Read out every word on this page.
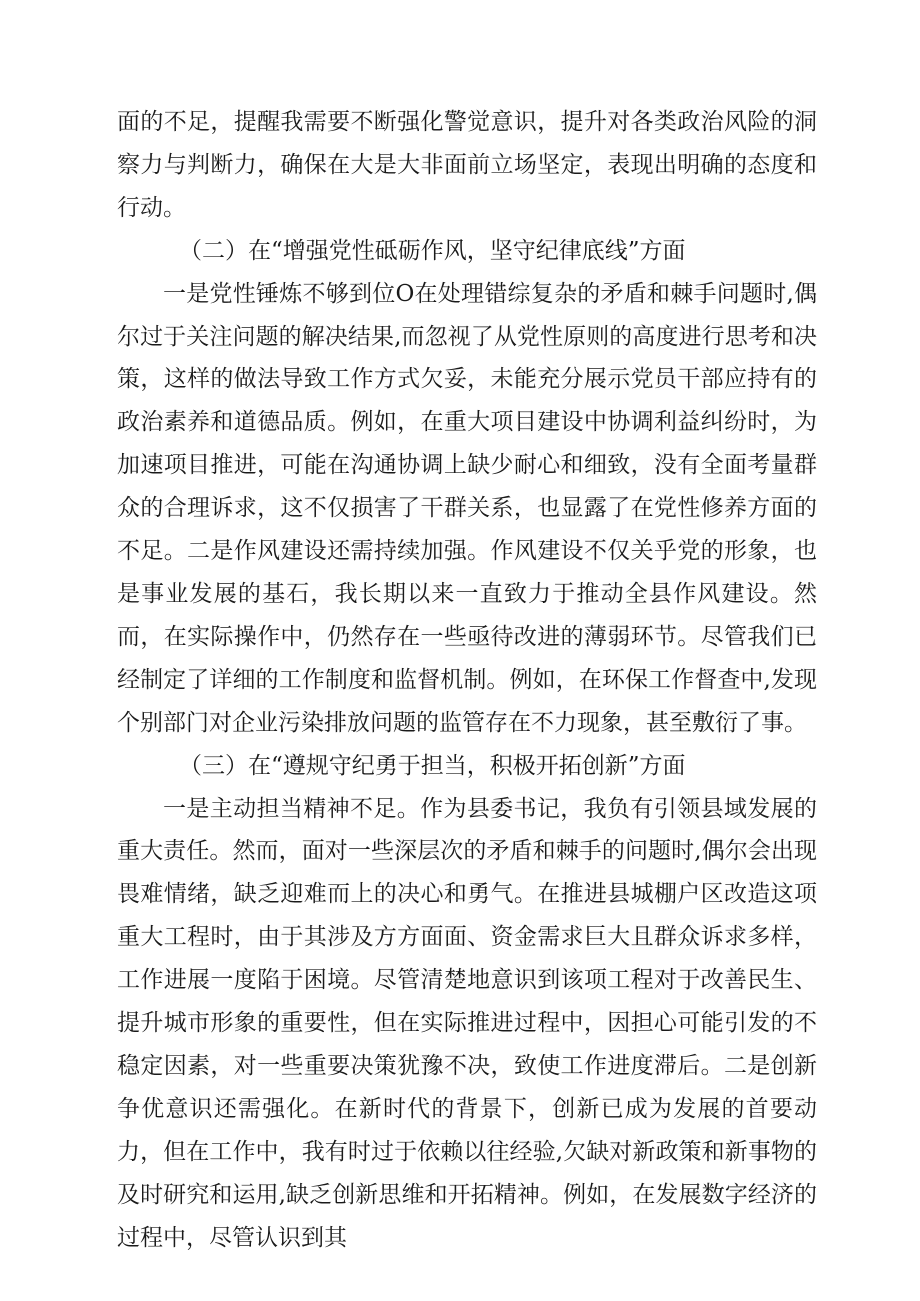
面的不足，提醒我需要不断强化警觉意识，提升对各类政治风险的洞察力与判断力，确保在大是大非面前立场坚定，表现出明确的态度和行动。

（二）在“增强党性砥砺作风，坚守纪律底线”方面

一是党性锤炼不够到位O在处理错综复杂的矛盾和棘手问题时,偶尔过于关注问题的解决结果,而忽视了从党性原则的高度进行思考和决策，这样的做法导致工作方式欠妥，未能充分展示党员干部应持有的政治素养和道德品质。例如，在重大项目建设中协调利益纠纷时，为加速项目推进，可能在沟通协调上缺少耐心和细致，没有全面考量群众的合理诉求，这不仅损害了干群关系，也显露了在党性修养方面的不足。二是作风建设还需持续加强。作风建设不仅关乎党的形象，也是事业发展的基石，我长期以来一直致力于推动全县作风建设。然而，在实际操作中，仍然存在一些亟待改进的薄弱环节。尽管我们已经制定了详细的工作制度和监督机制。例如，在环保工作督查中,发现个别部门对企业污染排放问题的监管存在不力现象，甚至敷衍了事。

（三）在“遵规守纪勇于担当，积极开拓创新”方面

一是主动担当精神不足。作为县委书记，我负有引领县域发展的重大责任。然而，面对一些深层次的矛盾和棘手的问题时,偶尔会出现畏难情绪，缺乏迎难而上的决心和勇气。在推进县城棚户区改造这项重大工程时，由于其涉及方方面面、资金需求巨大且群众诉求多样，工作进展一度陷于困境。尽管清楚地意识到该项工程对于改善民生、提升城市形象的重要性，但在实际推进过程中，因担心可能引发的不稳定因素，对一些重要决策犹豫不决，致使工作进度滞后。二是创新争优意识还需强化。在新时代的背景下，创新已成为发展的首要动力，但在工作中，我有时过于依赖以往经验,欠缺对新政策和新事物的及时研究和运用,缺乏创新思维和开拓精神。例如，在发展数字经济的过程中，尽管认识到其
